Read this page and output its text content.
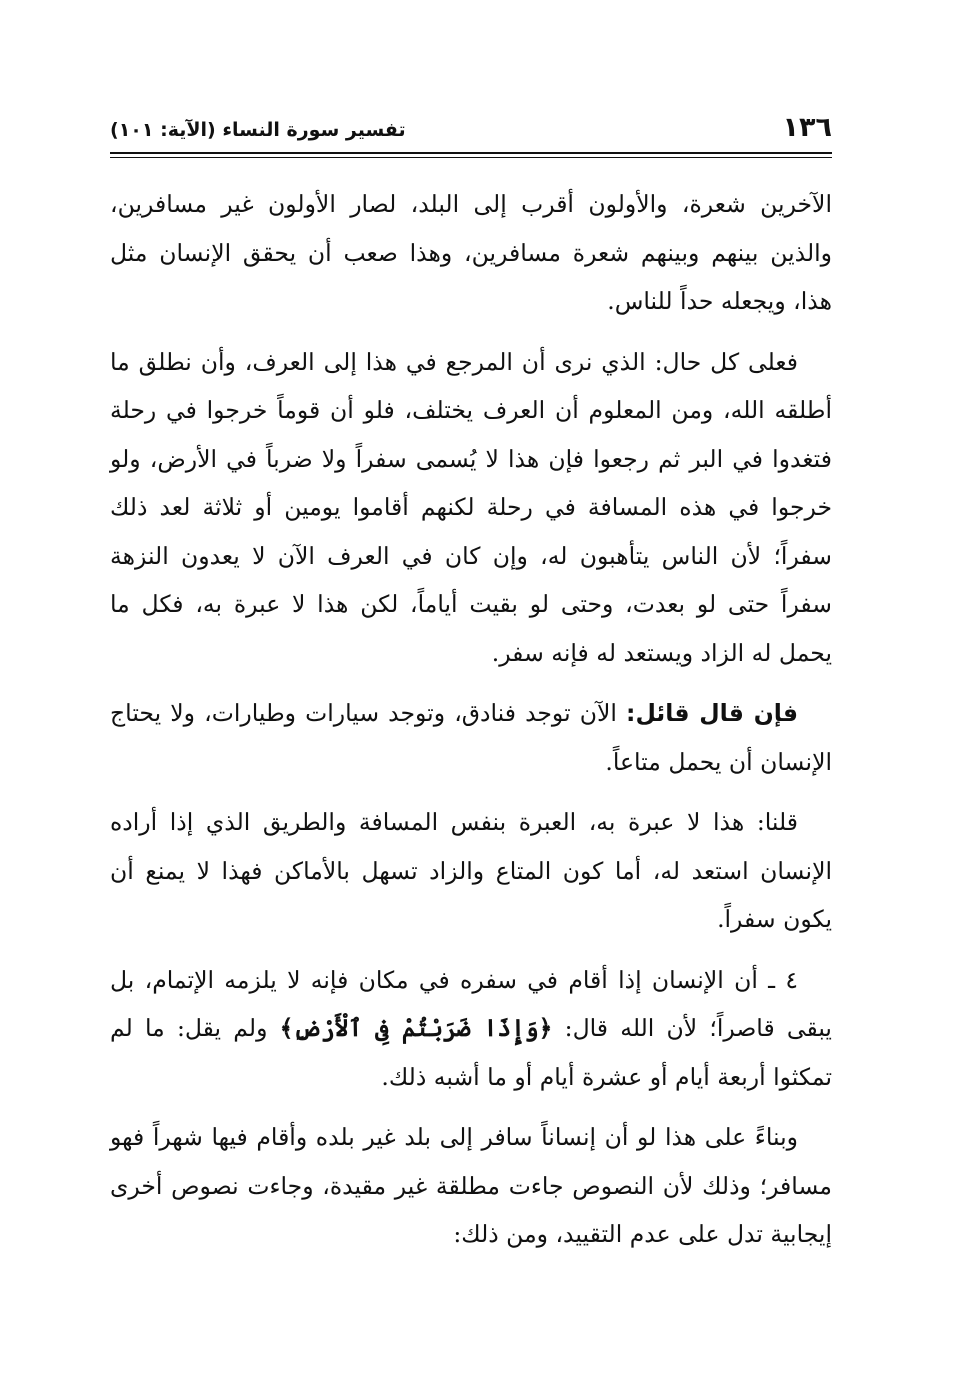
١٣٦
تفسير سورة النساء (الآية: ١٠١)

الآخرين شعرة، والأولون أقرب إلى البلد، لصار الأولون غير مسافرين، والذين بينهم وبينهم شعرة مسافرين، وهذا صعب أن يحقق الإنسان مثل هذا، ويجعله حداً للناس.

فعلى كل حال: الذي نرى أن المرجع في هذا إلى العرف، وأن نطلق ما أطلقه الله، ومن المعلوم أن العرف يختلف، فلو أن قوماً خرجوا في رحلة فتغدوا في البر ثم رجعوا فإن هذا لا يُسمى سفراً ولا ضرباً في الأرض، ولو خرجوا في هذه المسافة في رحلة لكنهم أقاموا يومين أو ثلاثة لعد ذلك سفراً؛ لأن الناس يتأهبون له، وإن كان في العرف الآن لا يعدون النزهة سفراً حتى لو بعدت، وحتى لو بقيت أياماً، لكن هذا لا عبرة به، فكل ما يحمل له الزاد ويستعد له فإنه سفر.

فإن قال قائل: الآن توجد فنادق، وتوجد سيارات وطيارات، ولا يحتاج الإنسان أن يحمل متاعاً.

قلنا: هذا لا عبرة به، العبرة بنفس المسافة والطريق الذي إذا أراده الإنسان استعد له، أما كون المتاع والزاد تسهل بالأماكن فهذا لا يمنع أن يكون سفراً.

٤ ـ أن الإنسان إذا أقام في سفره في مكان فإنه لا يلزمه الإتمام، بل يبقى قاصراً؛ لأن الله قال: ﴿وَإِذَا ضَرَبْتُمْ فِى ٱلْأَرْضِ﴾ ولم يقل: ما لم تمكثوا أربعة أيام أو عشرة أيام أو ما أشبه ذلك.

وبناءً على هذا لو أن إنساناً سافر إلى بلد غير بلده وأقام فيها شهراً فهو مسافر؛ وذلك لأن النصوص جاءت مطلقة غير مقيدة، وجاءت نصوص أخرى إيجابية تدل على عدم التقييد، ومن ذلك:
